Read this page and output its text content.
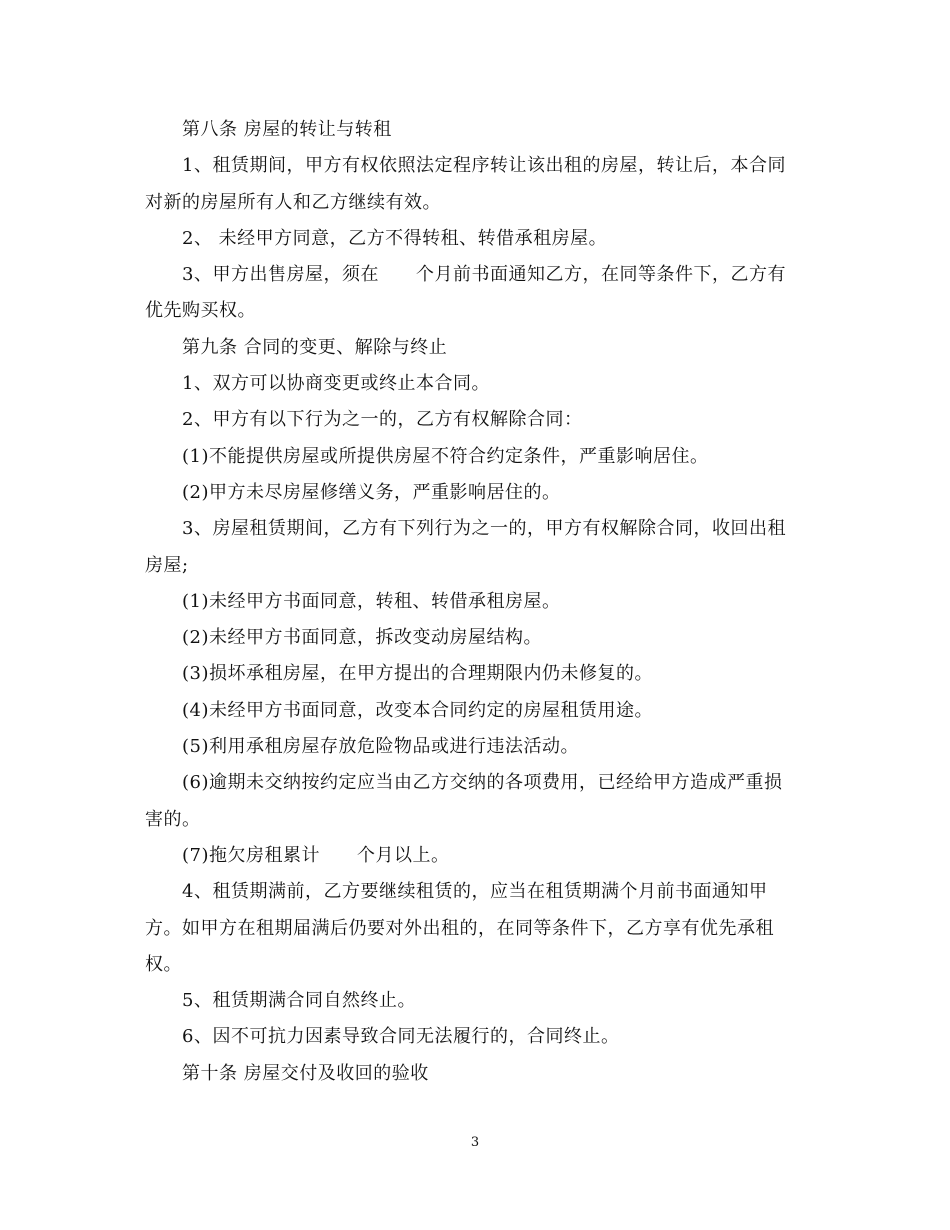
第八条 房屋的转让与转租
1、租赁期间，甲方有权依照法定程序转让该出租的房屋，转让后，本合同
对新的房屋所有人和乙方继续有效。
2、 未经甲方同意，乙方不得转租、转借承租房屋。
3、甲方出售房屋，须在　　个月前书面通知乙方，在同等条件下，乙方有
优先购买权。
第九条 合同的变更、解除与终止
1、双方可以协商变更或终止本合同。
2、甲方有以下行为之一的，乙方有权解除合同：
(1)不能提供房屋或所提供房屋不符合约定条件，严重影响居住。
(2)甲方未尽房屋修缮义务，严重影响居住的。
3、房屋租赁期间，乙方有下列行为之一的，甲方有权解除合同，收回出租
房屋;
(1)未经甲方书面同意，转租、转借承租房屋。
(2)未经甲方书面同意，拆改变动房屋结构。
(3)损坏承租房屋，在甲方提出的合理期限内仍未修复的。
(4)未经甲方书面同意，改变本合同约定的房屋租赁用途。
(5)利用承租房屋存放危险物品或进行违法活动。
(6)逾期未交纳按约定应当由乙方交纳的各项费用，已经给甲方造成严重损
害的。
(7)拖欠房租累计　　个月以上。
4、租赁期满前，乙方要继续租赁的，应当在租赁期满个月前书面通知甲
方。如甲方在租期届满后仍要对外出租的，在同等条件下，乙方享有优先承租
权。
5、租赁期满合同自然终止。
6、因不可抗力因素导致合同无法履行的，合同终止。
第十条 房屋交付及收回的验收
3
